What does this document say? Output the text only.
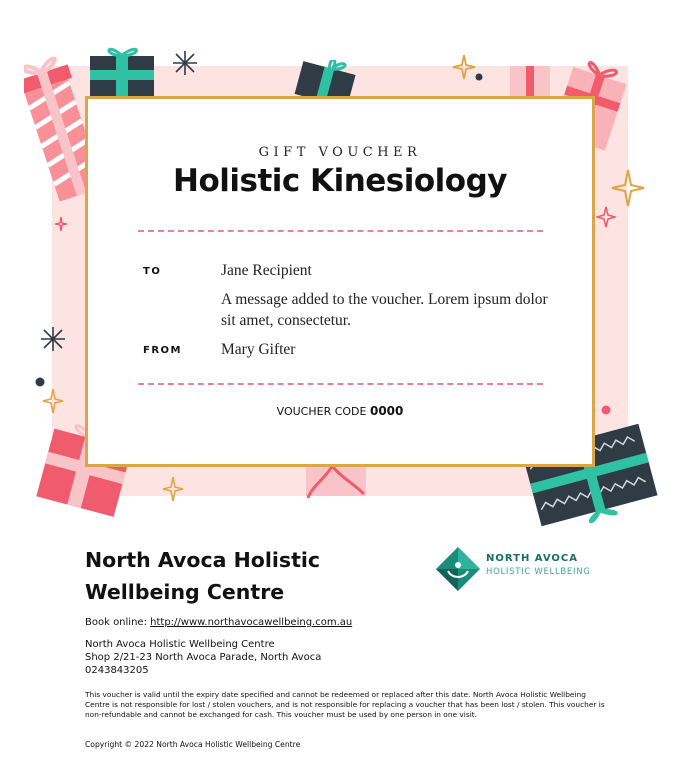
GIFT VOUCHER
Holistic Kinesiology
TO	Jane Recipient
A message added to the voucher. Lorem ipsum dolor sit amet, consectetur.
FROM	Mary Gifter
VOUCHER CODE 0000
North Avoca Holistic Wellbeing Centre
NORTH AVOCA
HOLISTIC WELLBEING
Book online: http://www.northavocawellbeing.com.au
North Avoca Holistic Wellbeing Centre
Shop 2/21-23 North Avoca Parade, North Avoca
0243843205
This voucher is valid until the expiry date specified and cannot be redeemed or replaced after this date. North Avoca Holistic Wellbeing Centre is not responsible for lost / stolen vouchers, and is not responsible for replacing a voucher that has been lost / stolen. This voucher is non-refundable and cannot be exchanged for cash. This voucher must be used by one person in one visit.
Copyright © 2022 North Avoca Holistic Wellbeing Centre
